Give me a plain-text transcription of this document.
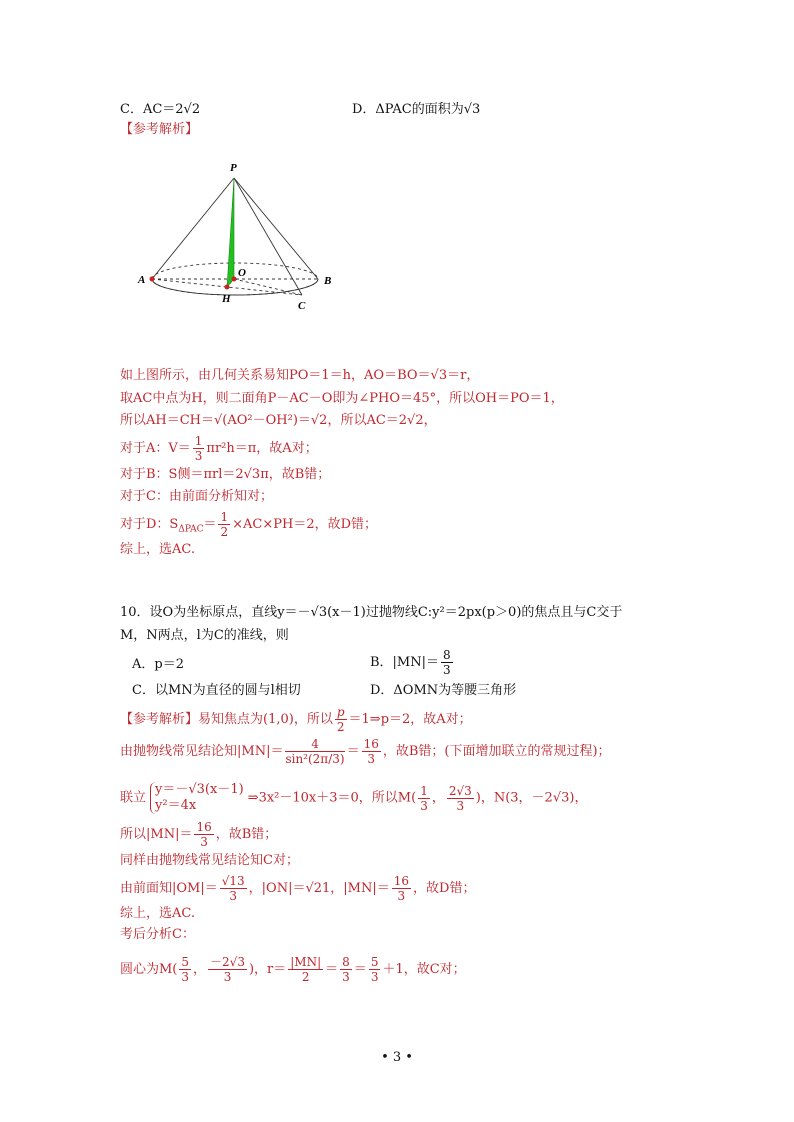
C．AC＝2√2	D．ΔPAC的面积为√3
【参考解析】
P
A
O
B
H
C
如上图所示，由几何关系易知PO＝1＝h，AO＝BO＝√3＝r，
取AC中点为H，则二面角P－AC－O即为∠PHO＝45°，所以OH＝PO＝1，
所以AH＝CH＝√(AO²－OH²)＝√2，所以AC＝2√2，
对于A：$V= \frac{1}{3} \pi r^2h=\pi$，故A对；
对于B：S侧＝πrl＝2√3π，故B错；
对于C：由前面分析知对；
对于D：$S_{\Delta PAC}= \frac{1}{2} \times AC\times PH=2$，故D错；
综上，选AC.
10．设O为坐标原点，直线y＝－√3(x－1)过抛物线C:y²＝2px(p＞0)的焦点且与C交于
M，N两点，l为C的准线，则
A．p＝2	B．$|MN|= \frac{8}{3}$
C．以MN为直径的圆与l相切	D．ΔOMN为等腰三角形
【参考解析】易知焦点为(1,0)，所以 $\frac{p}{2}$ ＝1⇒p＝2，故A对；
由抛物线常见结论知$|MN|= \frac{4}{\text{sin²(2π/3)}} = \frac{16}{3}$ ，故B错；(下面增加联立的常规过程)；
联立
y＝－√3(x－1)
y²＝4x	⇒3x²－10x＋3＝0，所以$M( \frac{1}{3}$ ， $\frac{2√3}{3}$ )，N(3，－2√3)，
所以$|MN|= \frac{16}{3}$ ，故B错；
同样由抛物线常见结论知C对；
由前面知$|OM|= \frac{√13}{3}$ ，|ON|＝√21，$|MN|= \frac{16}{3}$ ，故D错；
综上，选AC.
考后分析C：
圆心为$M( \frac{5}{3}$ ， $\frac{-2√3}{3}$ )，$r= \frac{|MN|}{2} = \frac{8}{3} = \frac{5}{3} +1$，故C对；
• 3 •
